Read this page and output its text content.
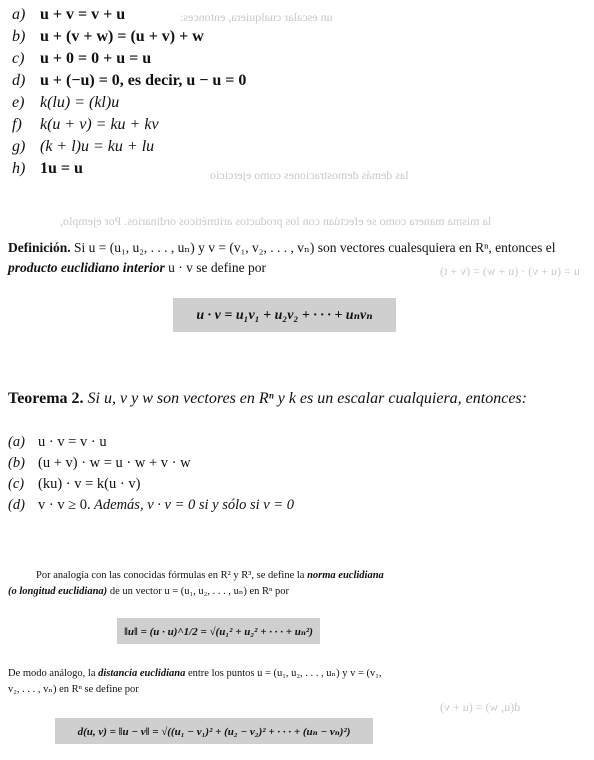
un escalar cualquiera, entonces:
las demás demostraciones como ejercicio
la misma manera como se efectúan con los productos aritméticos ordinarios. Por ejemplo,
u = (u + v) · (u + w) = (v + t)
d(u, w) = (u + v)
a) u + v = v + u
b) u + (v + w) = (u + v) + w
c) u + 0 = 0 + u = u
d) u + (−u) = 0, es decir, u − u = 0
e) k(lu) = (kl)u
f) k(u + v) = ku + kv
g) (k + l)u = ku + lu
h) 1u = u
Definición. Si u = (u₁, u₂, . . . , uₙ) y v = (v₁, v₂, . . . , vₙ) son vectores cualesquiera en Rⁿ, entonces el producto euclidiano interior u · v se define por
u · v = u₁v₁ + u₂v₂ + · · · + uₙvₙ
Teorema 2. Si u, v y w son vectores en Rⁿ y k es un escalar cualquiera, entonces:
(a) u · v = v · u
(b) (u + v) · w = u · w + v · w
(c) (ku) · v = k(u · v)
(d) v · v ≥ 0. Además, v · v = 0 si y sólo si v = 0
Por analogía con las conocidas fórmulas en R² y R³, se define la norma euclidiana
(o longitud euclidiana) de un vector u = (u₁, u₂, . . . , uₙ) en Rⁿ por
‖u‖ = (u · u)^1/2 = √(u₁² + u₂² + · · · + uₙ²)
De modo análogo, la distancia euclidiana entre los puntos u = (u₁, u₂, . . . , uₙ) y v = (v₁,
v₂, . . . , vₙ) en Rⁿ se define por
d(u, v) = ‖u − v‖ = √((u₁ − v₁)² + (u₂ − v₂)² + · · · + (uₙ − vₙ)²)
